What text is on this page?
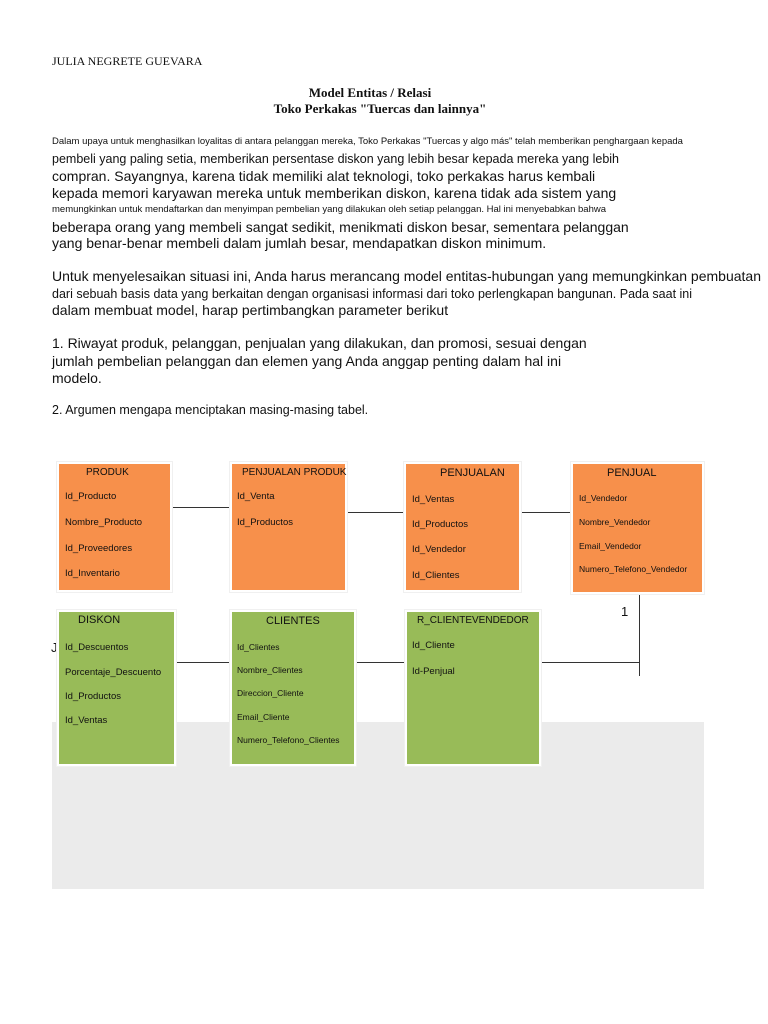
JULIA NEGRETE GUEVARA
Model Entitas / Relasi
Toko Perkakas "Tuercas dan lainnya"
Dalam upaya untuk menghasilkan loyalitas di antara pelanggan mereka, Toko Perkakas "Tuercas y algo más" telah memberikan penghargaan kepada
pembeli yang paling setia, memberikan persentase diskon yang lebih besar kepada mereka yang lebih
compran. Sayangnya, karena tidak memiliki alat teknologi, toko perkakas harus kembali
kepada memori karyawan mereka untuk memberikan diskon, karena tidak ada sistem yang
memungkinkan untuk mendaftarkan dan menyimpan pembelian yang dilakukan oleh setiap pelanggan. Hal ini menyebabkan bahwa
beberapa orang yang membeli sangat sedikit, menikmati diskon besar, sementara pelanggan
yang benar-benar membeli dalam jumlah besar, mendapatkan diskon minimum.
Untuk menyelesaikan situasi ini, Anda harus merancang model entitas-hubungan yang memungkinkan pembuatan
dari sebuah basis data yang berkaitan dengan organisasi informasi dari toko perlengkapan bangunan. Pada saat ini
dalam membuat model, harap pertimbangkan parameter berikut
1. Riwayat produk, pelanggan, penjualan yang dilakukan, dan promosi, sesuai dengan
jumlah pembelian pelanggan dan elemen yang Anda anggap penting dalam hal ini
modelo.
2. Argumen mengapa menciptakan masing-masing tabel.
1
J
PRODUK
Id_Producto
Nombre_Producto
Id_Proveedores
Id_Inventario
PENJUALAN PRODUK
Id_Venta
Id_Productos
PENJUALAN
Id_Ventas
Id_Productos
Id_Vendedor
Id_Clientes
PENJUAL
Id_Vendedor
Nombre_Vendedor
Email_Vendedor
Numero_Telefono_Vendedor
DISKON
Id_Descuentos
Porcentaje_Descuento
Id_Productos
Id_Ventas
CLIENTES
Id_Clientes
Nombre_Clientes
Direccion_Cliente
Email_Cliente
Numero_Telefono_Clientes
R_CLIENTEVENDEDOR
Id_Cliente
Id-Penjual
